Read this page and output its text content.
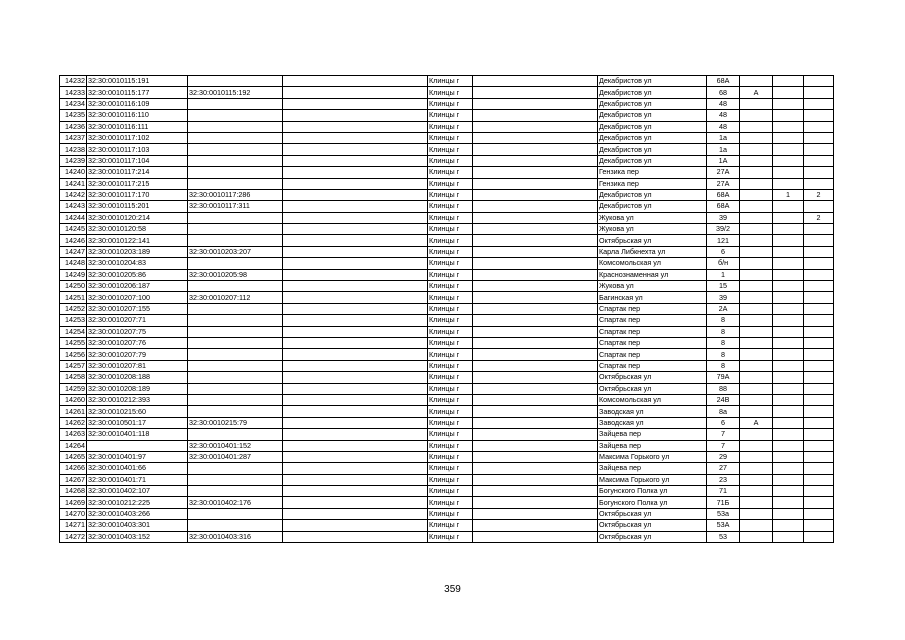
14232	32:30:0010115:191			Клинцы г		Декабристов ул	68А			
14233	32:30:0010115:177	32:30:0010115:192		Клинцы г		Декабристов ул	68	А		
14234	32:30:0010116:109			Клинцы г		Декабристов ул	48			
14235	32:30:0010116:110			Клинцы г		Декабристов ул	48			
14236	32:30:0010116:111			Клинцы г		Декабристов ул	48			
14237	32:30:0010117:102			Клинцы г		Декабристов ул	1а			
14238	32:30:0010117:103			Клинцы г		Декабристов ул	1а			
14239	32:30:0010117:104			Клинцы г		Декабристов ул	1А			
14240	32:30:0010117:214			Клинцы г		Гензика пер	27А			
14241	32:30:0010117:215			Клинцы г		Гензика пер	27А			
14242	32:30:0010117:170	32:30:0010117:286		Клинцы г		Декабристов ул	68А		1	2
14243	32:30:0010115:201	32:30:0010117:311		Клинцы г		Декабристов ул	68А			
14244	32:30:0010120:214			Клинцы г		Жукова ул	39			2
14245	32:30:0010120:58			Клинцы г		Жукова ул	39/2			
14246	32:30:0010122:141			Клинцы г		Октябрьская ул	121			
14247	32:30:0010203:189	32:30:0010203:207		Клинцы г		Карла Либкнехта ул	6			
14248	32:30:0010204:83			Клинцы г		Комсомольская ул	б/н			
14249	32:30:0010205:86	32:30:0010205:98		Клинцы г		Краснознаменная ул	1			
14250	32:30:0010206:187			Клинцы г		Жукова ул	15			
14251	32:30:0010207:100	32:30:0010207:112		Клинцы г		Багинская ул	39			
14252	32:30:0010207:155			Клинцы г		Спартак пер	2А			
14253	32:30:0010207:71			Клинцы г		Спартак пер	8			
14254	32:30:0010207:75			Клинцы г		Спартак пер	8			
14255	32:30:0010207:76			Клинцы г		Спартак пер	8			
14256	32:30:0010207:79			Клинцы г		Спартак пер	8			
14257	32:30:0010207:81			Клинцы г		Спартак пер	8			
14258	32:30:0010208:188			Клинцы г		Октябрьская ул	79А			
14259	32:30:0010208:189			Клинцы г		Октябрьская ул	88			
14260	32:30:0010212:393			Клинцы г		Комсомольская ул	24В			
14261	32:30:0010215:60			Клинцы г		Заводская ул	8а			
14262	32:30:0010501:17	32:30:0010215:79		Клинцы г		Заводская ул	6	А		
14263	32:30:0010401:118			Клинцы г		Зайцева пер	7			
14264		32:30:0010401:152		Клинцы г		Зайцева пер	7			
14265	32:30:0010401:97	32:30:0010401:287		Клинцы г		Максима Горького ул	29			
14266	32:30:0010401:66			Клинцы г		Зайцева пер	27			
14267	32:30:0010401:71			Клинцы г		Максима Горького ул	23			
14268	32:30:0010402:107			Клинцы г		Богунского Полка ул	71			
14269	32:30:0010212:225	32:30:0010402:176		Клинцы г		Богунского Полка ул	71Б			
14270	32:30:0010403:266			Клинцы г		Октябрьская ул	53а			
14271	32:30:0010403:301			Клинцы г		Октябрьская ул	53А			
14272	32:30:0010403:152	32:30:0010403:316		Клинцы г		Октябрьская ул	53			
359
